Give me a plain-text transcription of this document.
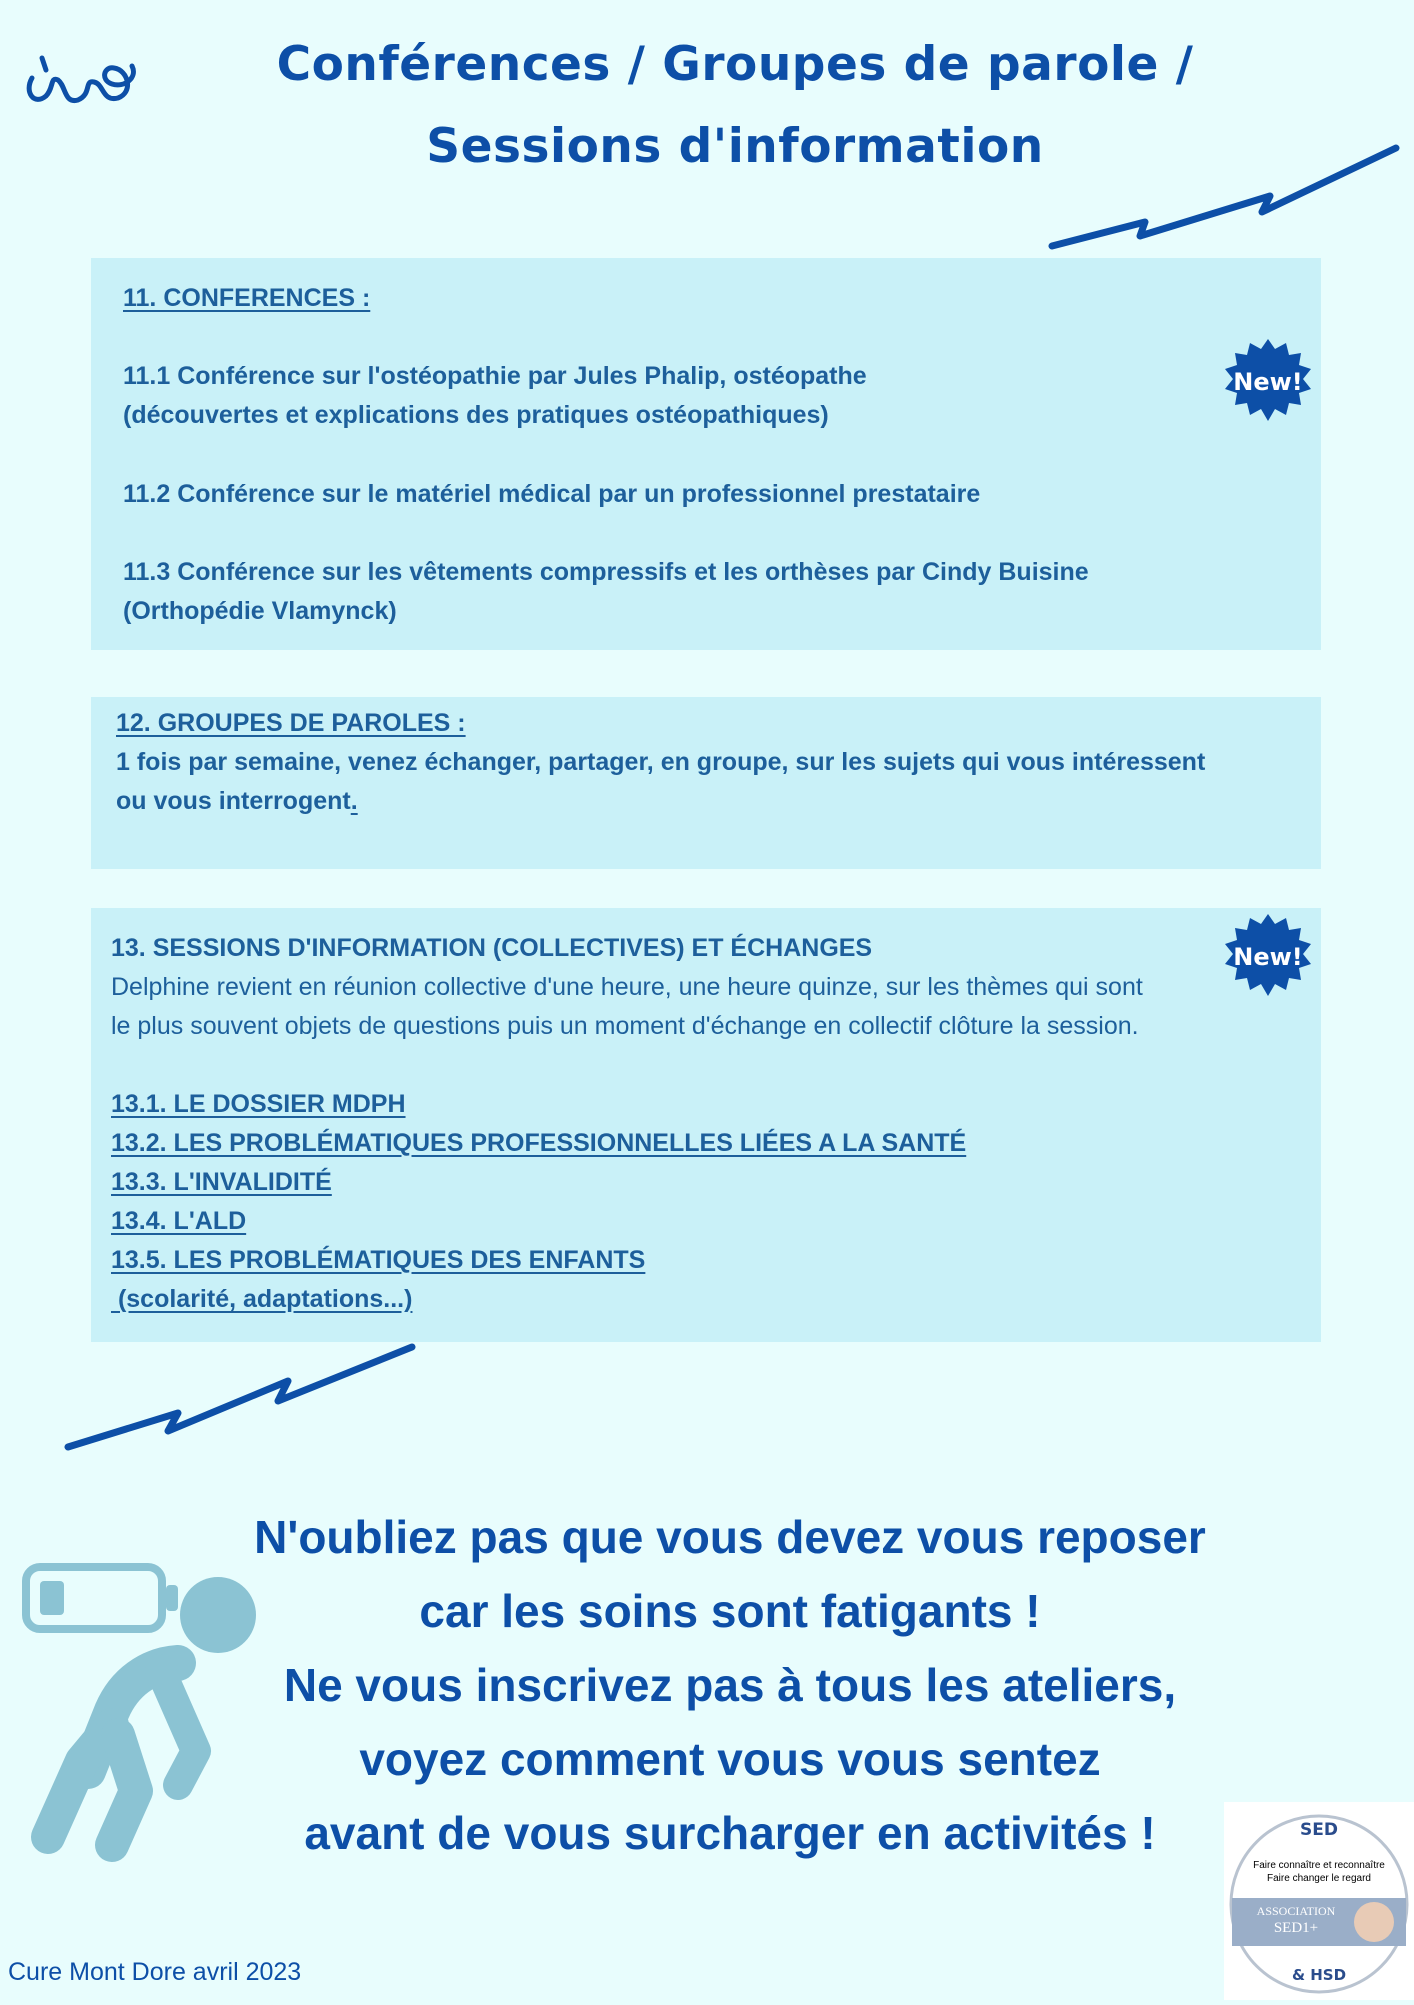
Conférences / Groupes de parole /
Sessions d'information
11. CONFERENCES :
11.1 Conférence sur l'ostéopathie par Jules Phalip, ostéopathe
(découvertes et explications des pratiques ostéopathiques)
11.2 Conférence sur le matériel médical par un professionnel prestataire
11.3 Conférence sur les vêtements compressifs et les orthèses par Cindy Buisine
(Orthopédie Vlamynck)
New!
12. GROUPES DE PAROLES :
1 fois par semaine, venez échanger, partager, en groupe, sur les sujets qui vous intéressent
ou vous interrogent.
13. SESSIONS D'INFORMATION (COLLECTIVES) ET ÉCHANGES
Delphine revient en réunion collective d'une heure, une heure quinze, sur les thèmes qui sont
le plus souvent objets de questions puis un moment d'échange en collectif clôture la session.
13.1. LE DOSSIER MDPH
13.2. LES PROBLÉMATIQUES PROFESSIONNELLES LIÉES A LA SANTÉ
13.3. L'INVALIDITÉ
13.4. L'ALD
13.5. LES PROBLÉMATIQUES DES ENFANTS
(scolarité, adaptations...)
New!
N'oubliez pas que vous devez vous reposer
car les soins sont fatigants !
Ne vous inscrivez pas à tous les ateliers,
voyez comment vous vous sentez
avant de vous surcharger en activités !
Cure Mont Dore avril 2023
SED
Faire connaître et reconnaître
Faire changer le regard
ASSOCIATION
SED1+
& HSD
